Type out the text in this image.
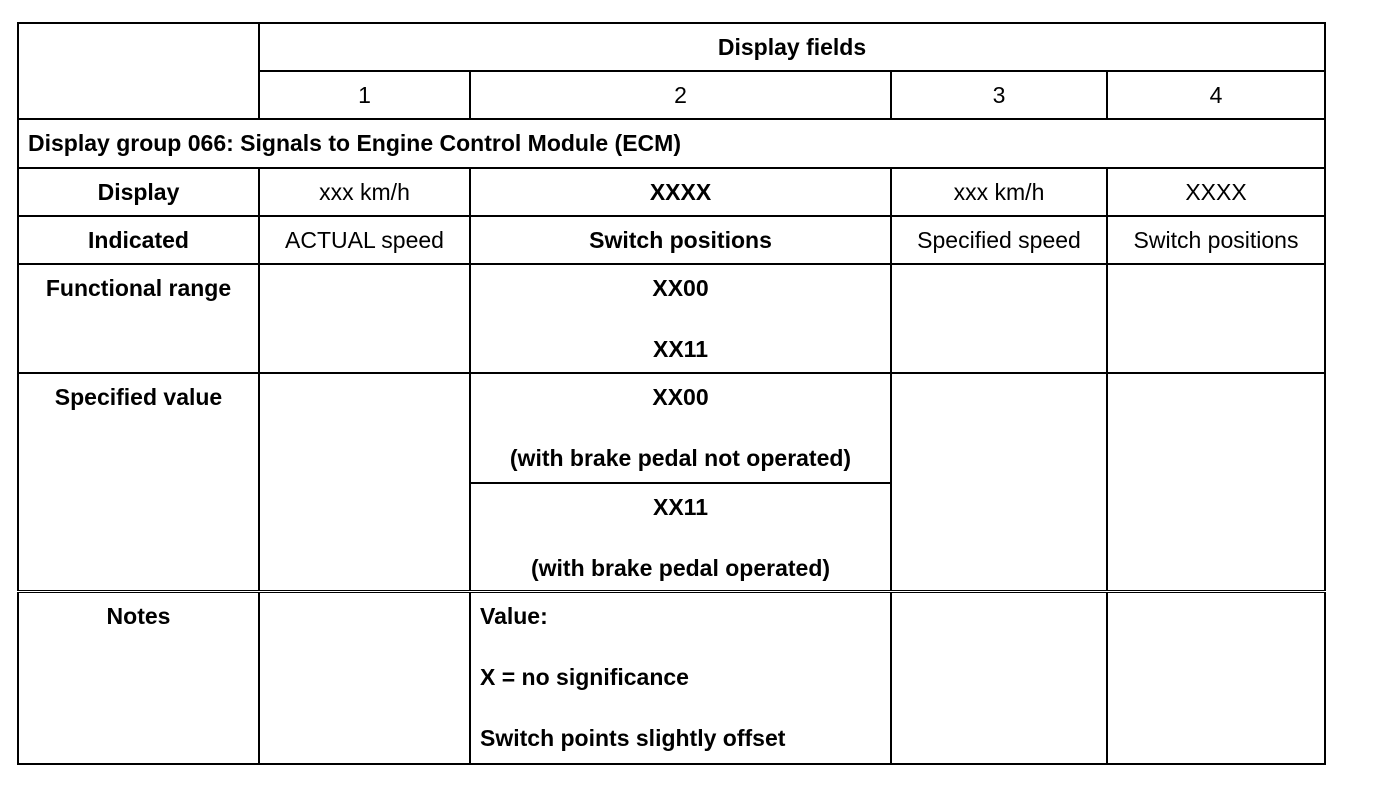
	Display fields			
	1	2	3	4
Display group 066: Signals to Engine Control Module (ECM)				
Display	xxx km/h	XXXX	xxx km/h	XXXX
Indicated	ACTUAL speed	Switch positions	Specified speed	Switch positions
Functional range		XX00
XX11		

Specified value		XX00
(with brake pedal not operated)		

		XX11
(with brake pedal operated)		

Notes		Value:
X = no significance
Switch points slightly offset		
